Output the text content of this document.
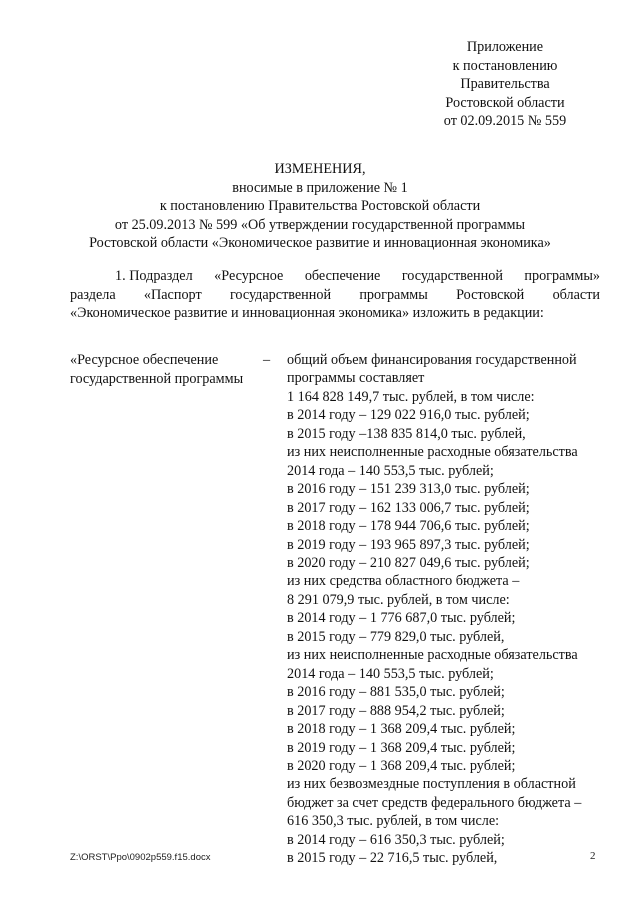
Приложение
к постановлению
Правительства
Ростовской области
от 02.09.2015 № 559
ИЗМЕНЕНИЯ,
вносимые в приложение № 1
к постановлению Правительства Ростовской области
от 25.09.2013 № 599 «Об утверждении государственной программы
Ростовской области «Экономическое развитие и инновационная экономика»
1. Подраздел «Ресурсное обеспечение государственной программы»
раздела «Паспорт государственной программы Ростовской области
«Экономическое развитие и инновационная экономика» изложить в редакции:
«Ресурсное обеспечение
государственной программы
– общий объем финансирования государственной
программы составляет
1 164 828 149,7 тыс. рублей, в том числе:
в 2014 году – 129 022 916,0 тыс. рублей;
в 2015 году –138 835 814,0 тыс. рублей,
из них неисполненные расходные обязательства
2014 года – 140 553,5 тыс. рублей;
в 2016 году – 151 239 313,0 тыс. рублей;
в 2017 году – 162 133 006,7 тыс. рублей;
в 2018 году – 178 944 706,6 тыс. рублей;
в 2019 году – 193 965 897,3 тыс. рублей;
в 2020 году – 210 827 049,6 тыс. рублей;
из них средства областного бюджета –
8 291 079,9 тыс. рублей, в том числе:
в 2014 году – 1 776 687,0 тыс. рублей;
в 2015 году – 779 829,0 тыс. рублей,
из них неисполненные расходные обязательства
2014 года – 140 553,5 тыс. рублей;
в 2016 году – 881 535,0 тыс. рублей;
в 2017 году – 888 954,2 тыс. рублей;
в 2018 году – 1 368 209,4 тыс. рублей;
в 2019 году – 1 368 209,4 тыс. рублей;
в 2020 году – 1 368 209,4 тыс. рублей;
из них безвозмездные поступления в областной
бюджет за счет средств федерального бюджета –
616 350,3 тыс. рублей, в том числе:
в 2014 году – 616 350,3 тыс. рублей;
в 2015 году – 22 716,5 тыс. рублей,
Z:\ORST\Ppo\0902p559.f15.docx	2
